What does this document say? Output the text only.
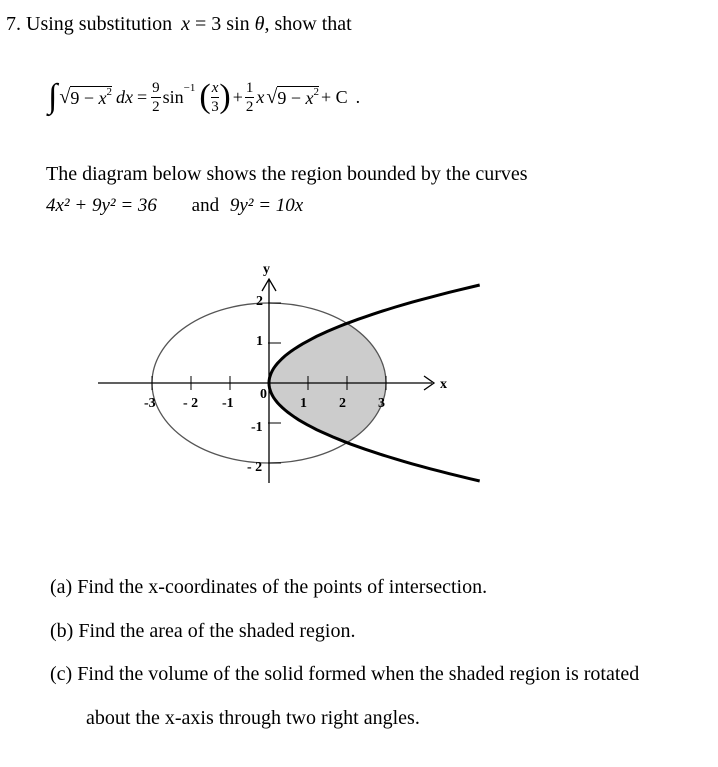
7. Using substitution x = 3 sin θ, show that
∫ √ $9 - x^2$ dx = $\frac{9}{2}$ sin −1 ( $\frac{x}{3}$ ) + $\frac{1}{2}$ x √ $9 - x^2 + C$ .
The diagram below shows the region bounded by the curves
4x² + 9y² = 36 and 9y² = 10x
-3 - 2 -1
0
1 2 3
2
1
-1
- 2
x
y
(a) Find the x-coordinates of the points of intersection.
(b) Find the area of the shaded region.
(c) Find the volume of the solid formed when the shaded region is rotated
about the x-axis through two right angles.
